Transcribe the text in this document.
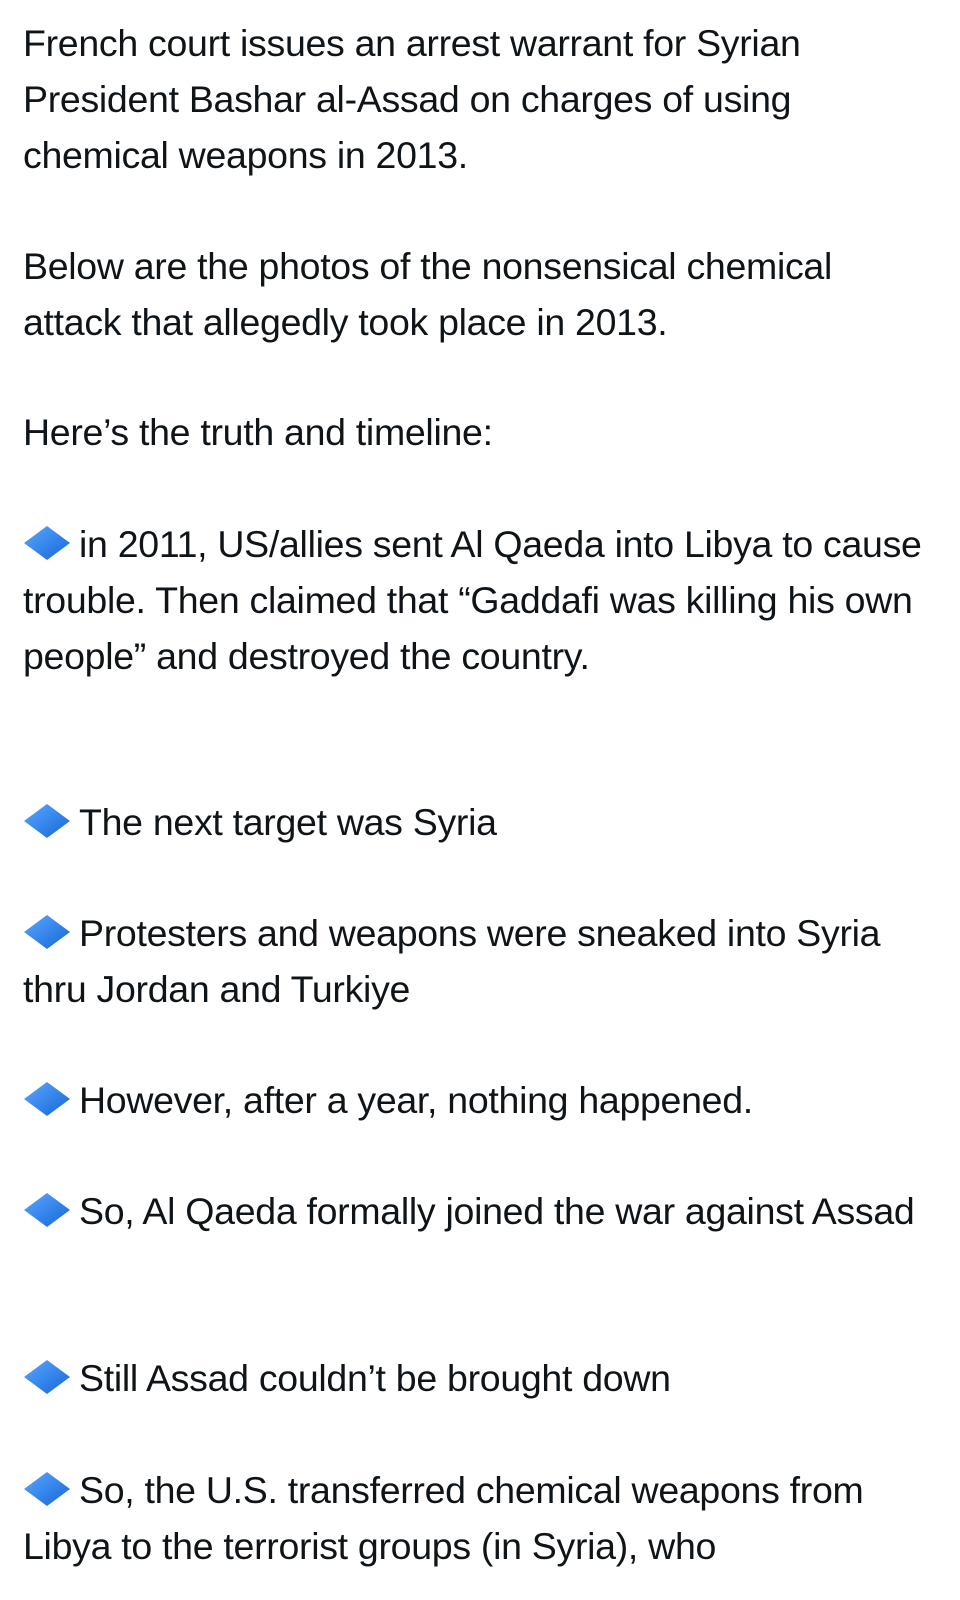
French court issues an arrest warrant for Syrian President Bashar al-Assad on charges of using chemical weapons in 2013.

Below are the photos of the nonsensical chemical attack that allegedly took place in 2013.

Here’s the truth and timeline:

in 2011, US/allies sent Al Qaeda into Libya to cause trouble. Then claimed that “Gaddafi was killing his own people” and destroyed the country.

The next target was Syria

Protesters and weapons were sneaked into Syria thru Jordan and Turkiye

However, after a year, nothing happened.

So, Al Qaeda formally joined the war against Assad

Still Assad couldn’t be brought down

So, the U.S. transferred chemical weapons from Libya to the terrorist groups (in Syria), who
